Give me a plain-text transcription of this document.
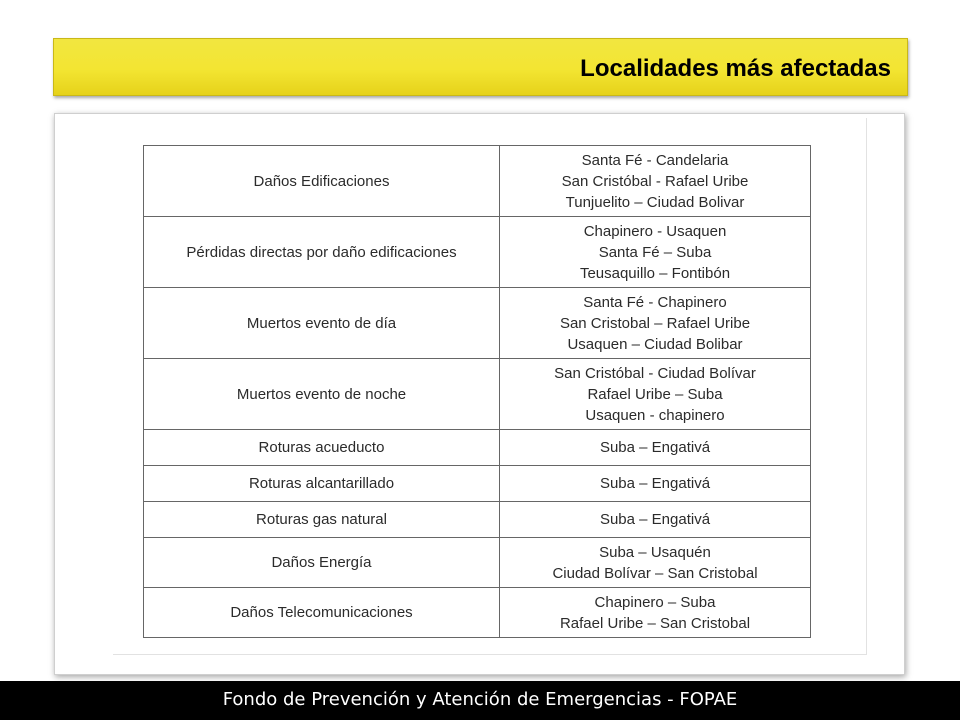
Localidades más afectadas
Daños Edificaciones	Santa Fé - Candelaria
San Cristóbal - Rafael Uribe
Tunjuelito – Ciudad Bolivar

Pérdidas directas por daño edificaciones	Chapinero - Usaquen
Santa Fé – Suba
Teusaquillo – Fontibón

Muertos evento de día	Santa Fé - Chapinero
San Cristobal – Rafael Uribe
Usaquen – Ciudad Bolibar

Muertos evento de noche	San Cristóbal - Ciudad Bolívar
Rafael Uribe – Suba
Usaquen - chapinero

Roturas acueducto	Suba – Engativá

Roturas alcantarillado	Suba – Engativá

Roturas gas natural	Suba – Engativá

Daños Energía	Suba – Usaquén
Ciudad Bolívar – San Cristobal

Daños Telecomunicaciones	Chapinero – Suba
Rafael Uribe – San Cristobal
Fondo de Prevención y Atención de Emergencias - FOPAE
